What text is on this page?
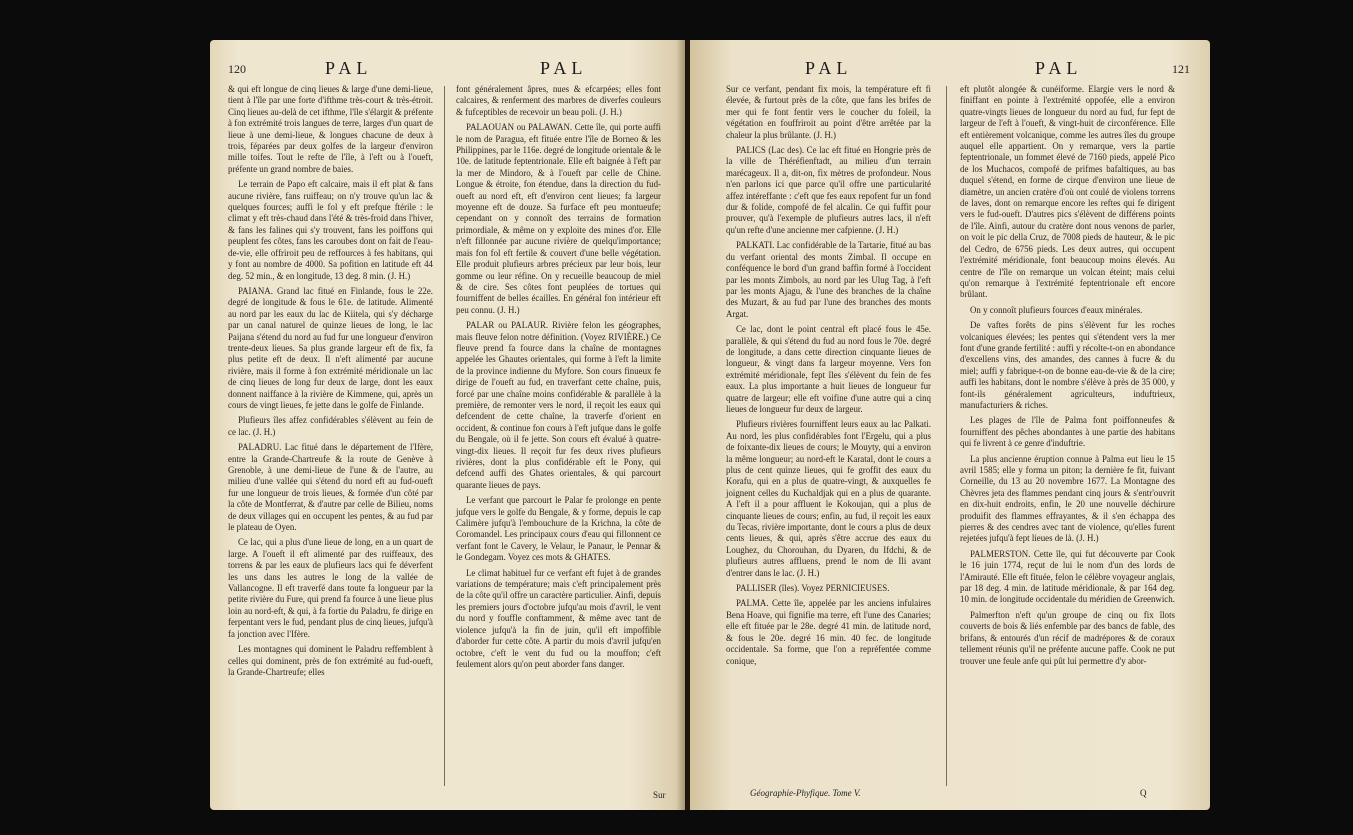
120	PAL	PAL

& qui eft longue de cinq lieues & large d'une demi-lieue, tient à l'île par une forte d'ifthme très-court & très-étroit. Cinq lieues au-delà de cet ifthme, l'île s'élargit & préfente à fon extrémité trois langues de terre, larges d'un quart de lieue à une demi-lieue, & longues chacune de deux à trois, féparées par deux golfes de la largeur d'environ mille toifes. Tout le refte de l'île, à l'eft ou à l'oueft, préfente un grand nombre de baies.

Le terrain de Papo eft calcaire, mais il eft plat & fans aucune rivière, fans ruiffeau; on n'y trouve qu'un lac & quelques fources; auffi le fol y eft prefque ftérile : le climat y eft très-chaud dans l'été & très-froid dans l'hiver, & fans les falines qui s'y trouvent, fans les poiffons qui peuplent fes côtes, fans les caroubes dont on fait de l'eau-de-vie, elle offriroit peu de reffources à fes habitans, qui y font au nombre de 4000. Sa pofition en latitude eft 44 deg. 52 min., & en longitude, 13 deg. 8 min. (J. H.)

PAIANA. Grand lac fitué en Finlande, fous le 22e. degré de longitude & fous le 61e. de latitude. Alimenté au nord par les eaux du lac de Kiitela, qui s'y décharge par un canal naturel de quinze lieues de long, le lac Paijana s'étend du nord au fud fur une longueur d'environ trente-deux lieues. Sa plus grande largeur eft de fix, fa plus petite eft de deux. Il n'eft alimenté par aucune rivière, mais il forme à fon extrémité méridionale un lac de cinq lieues de long fur deux de large, dont les eaux donnent naiffance à la rivière de Kimmene, qui, après un cours de vingt lieues, fe jette dans le golfe de Finlande.

Plufieurs îles affez confidérables s'élèvent au fein de ce lac. (J. H.)

PALADRU. Lac fitué dans le département de l'Ifère, entre la Grande-Chartreufe & la route de Genève à Grenoble, à une demi-lieue de l'une & de l'autre, au milieu d'une vallée qui s'étend du nord eft au fud-oueft fur une longueur de trois lieues, & formée d'un côté par la côte de Montferrat, & d'autre par celle de Bilieu, noms de deux villages qui en occupent les pentes, & au fud par le plateau de Oyen.

Ce lac, qui a plus d'une lieue de long, en a un quart de large. A l'oueft il eft alimenté par des ruiffeaux, des torrens & par les eaux de plufieurs lacs qui fe déverfent les uns dans les autres le long de la vallée de Vallancogne. Il eft traverfé dans toute fa longueur par la petite rivière du Fure, qui prend fa fource à une lieue plus loin au nord-eft, & qui, à fa fortie du Paladru, fe dirige en ferpentant vers le fud, pendant plus de cinq lieues, jufqu'à fa jonction avec l'Ifère.

Les montagnes qui dominent le Paladru reffemblent à celles qui dominent, près de fon extrémité au fud-oueft, la Grande-Chartreufe; elles

font généralement âpres, nues & efcarpées; elles font calcaires, & renferment des marbres de diverfes couleurs & fufceptibles de recevoir un beau poli. (J. H.)

PALAOUAN ou PALAWAN. Cette île, qui porte auffi le nom de Paragua, eft fituée entre l'île de Borneo & les Philippines, par le 116e. degré de longitude orientale & le 10e. de latitude feptentrionale. Elle eft baignée à l'eft par la mer de Mindoro, & à l'oueft par celle de Chine. Longue & étroite, fon étendue, dans la direction du fud-oueft au nord eft, eft d'environ cent lieues; fa largeur moyenne eft de douze. Sa furface eft peu montueufe; cependant on y connoît des terrains de formation primordiale, & même on y exploite des mines d'or. Elle n'eft fillonnée par aucune rivière de quelqu'importance; mais fon fol eft fertile & couvert d'une belle végétation. Elle produit plufieurs arbres précieux par leur bois, leur gomme ou leur réfine. On y recueille beaucoup de miel & de cire. Ses côtes font peuplées de tortues qui fourniffent de belles écailles. En général fon intérieur eft peu connu. (J. H.)

PALAR ou PALAUR. Rivière felon les géographes, mais fleuve felon notre définition. (Voyez RIVIÈRE.) Ce fleuve prend fa fource dans la chaîne de montagnes appelée les Ghautes orientales, qui forme à l'eft la limite de la province indienne du Myfore. Son cours finueux fe dirige de l'oueft au fud, en traverfant cette chaîne, puis, forcé par une chaîne moins confidérable & parallèle à la première, de remonter vers le nord, il reçoit les eaux qui defcendent de cette chaîne, la traverfe d'orient en occident, & continue fon cours à l'eft jufque dans le golfe du Bengale, où il fe jette. Son cours eft évalué à quatre-vingt-dix lieues. Il reçoit fur fes deux rives plufieurs rivières, dont la plus confidérable eft le Pony, qui defcend auffi des Ghates orientales, & qui parcourt quarante lieues de pays.

Le verfant que parcourt le Palar fe prolonge en pente jufque vers le golfe du Bengale, & y forme, depuis le cap Calimère jufqu'à l'embouchure de la Krichna, la côte de Coromandel. Les principaux cours d'eau qui fillonnent ce verfant font le Cavery, le Velaur, le Panaur, le Pennar & le Gondegam. Voyez ces mots & GHATES.

Le climat habituel fur ce verfant eft fujet à de grandes variations de température; mais c'eft principalement près de la côte qu'il offre un caractère particulier. Ainfi, depuis les premiers jours d'octobre jufqu'au mois d'avril, le vent du nord y fouffle conftamment, & même avec tant de violence jufqu'à la fin de juin, qu'il eft impoffible d'aborder fur cette côte. A partir du mois d'avril jufqu'en octobre, c'eft le vent du fud ou la mouffon; c'eft feulement alors qu'on peut aborder fans danger.

Sur
PAL	PAL	121

Sur ce verfant, pendant fix mois, la température eft fi élevée, & furtout près de la côte, que fans les brifes de mer qui fe font fentir vers le coucher du foleil, la végétation en fouffriroit au point d'être arrêtée par la chaleur la plus brûlante. (J. H.)

PALICS (Lac des). Ce lac eft fitué en Hongrie près de la ville de Théréfienftadt, au milieu d'un terrain marécageux. Il a, dit-on, fix mètres de profondeur. Nous n'en parlons ici que parce qu'il offre une particularité affez intéreffante : c'eft que fes eaux repofent fur un fond dur & folide, compofé de fel alcalin. Ce qui fuffit pour prouver, qu'à l'exemple de plufieurs autres lacs, il n'eft qu'un refte d'une ancienne mer cafpienne. (J. H.)

PALKATI. Lac confidérable de la Tartarie, fitué au bas du verfant oriental des monts Zimbal. Il occupe en conféquence le bord d'un grand baffin formé à l'occident par les monts Zimbols, au nord par les Ulug Tag, à l'eft par les monts Ajagu, & l'une des branches de la chaîne des Muzart, & au fud par l'une des branches des monts Argat.

Ce lac, dont le point central eft placé fous le 45e. parallèle, & qui s'étend du fud au nord fous le 70e. degré de longitude, a dans cette direction cinquante lieues de longueur, & vingt dans fa largeur moyenne. Vers fon extrémité méridionale, fept îles s'élèvent du fein de fes eaux. La plus importante a huit lieues de longueur fur quatre de largeur; elle eft voifine d'une autre qui a cinq lieues de longueur fur deux de largeur.

Plufieurs rivières fourniffent leurs eaux au lac Palkati. Au nord, les plus confidérables font l'Ergelu, qui a plus de foixante-dix lieues de cours; le Mouyty, qui a environ la même longueur; au nord-eft le Karatal, dont le cours a plus de cent quinze lieues, qui fe groffit des eaux du Korafu, qui en a plus de quatre-vingt, & auxquelles fe joignent celles du Kuchaldjak qui en a plus de quarante. A l'eft il a pour affluent le Kokoujan, qui a plus de cinquante lieues de cours; enfin, au fud, il reçoit les eaux du Tecas, rivière importante, dont le cours a plus de deux cents lieues, & qui, après s'être accrue des eaux du Loughez, du Chorouhan, du Dyaren, du Ifdchi, & de plufieurs autres affluens, prend le nom de Ili avant d'entrer dans le lac. (J. H.)

PALLISER (îles). Voyez PERNICIEUSES.

PALMA. Cette île, appelée par les anciens infulaires Bena Hoave, qui fignifie ma terre, eft l'une des Canaries; elle eft fituée par le 28e. degré 41 min. de latitude nord, & fous le 20e. degré 16 min. 40 fec. de longitude occidentale. Sa forme, que l'on a repréfentée comme conique,

eft plutôt alongée & cunéiforme. Elargie vers le nord & finiffant en pointe à l'extrémité oppofée, elle a environ quatre-vingts lieues de longueur du nord au fud, fur fept de largeur de l'eft à l'oueft, & vingt-huit de circonférence. Elle eft entièrement volcanique, comme les autres îles du groupe auquel elle appartient. On y remarque, vers la partie feptentrionale, un fommet élevé de 7160 pieds, appelé Pico de los Muchacos, compofé de prifmes bafaltiques, au bas duquel s'étend, en forme de cirque d'environ une lieue de diamètre, un ancien cratère d'où ont coulé de violens torrens de laves, dont on remarque encore les reftes qui fe dirigent vers le fud-oueft. D'autres pics s'élèvent de différens points de l'île. Ainfi, autour du cratère dont nous venons de parler, on voit le pic della Cruz, de 7008 pieds de hauteur, & le pic del Cedro, de 6756 pieds. Les deux autres, qui occupent l'extrémité méridionale, font beaucoup moins élevés. Au centre de l'île on remarque un volcan éteint; mais celui qu'on remarque à l'extrémité feptentrionale eft encore brûlant.

On y connoît plufieurs fources d'eaux minérales.

De vaftes forêts de pins s'élèvent fur les roches volcaniques élevées; les pentes qui s'étendent vers la mer font d'une grande fertilité : auffi y récolte-t-on en abondance d'excellens vins, des amandes, des cannes à fucre & du miel; auffi y fabrique-t-on de bonne eau-de-vie & de la cire; auffi les habitans, dont le nombre s'élève à près de 35 000, y font-ils généralement agriculteurs, induftrieux, manufacturiers & riches.

Les plages de l'île de Palma font poiffonneufes & fourniffent des pêches abondantes à une partie des habitans qui fe livrent à ce genre d'induftrie.

La plus ancienne éruption connue à Palma eut lieu le 15 avril 1585; elle y forma un piton; la dernière fe fit, fuivant Corneille, du 13 au 20 novembre 1677. La Montagne des Chèvres jeta des flammes pendant cinq jours & s'entr'ouvrit en dix-huit endroits, enfin, le 20 une nouvelle déchirure produifit des flammes effrayantes, & il s'en échappa des pierres & des cendres avec tant de violence, qu'elles furent rejetées jufqu'à fept lieues de là. (J. H.)

PALMERSTON. Cette île, qui fut découverte par Cook le 16 juin 1774, reçut de lui le nom d'un des lords de l'Amirauté. Elle eft fituée, felon le célèbre voyageur anglais, par 18 deg. 4 min. de latitude méridionale, & par 164 deg. 10 min. de longitude occidentale du méridien de Greenwich.

Palmerfton n'eft qu'un groupe de cinq ou fix îlots couverts de bois & liés enfemble par des bancs de fable, des brifans, & entourés d'un récif de madrépores & de coraux tellement réunis qu'il ne préfente aucune paffe. Cook ne put trouver une feule anfe qui pût lui permettre d'y abor-

Géographie-Phyfique. Tome V.	Q
